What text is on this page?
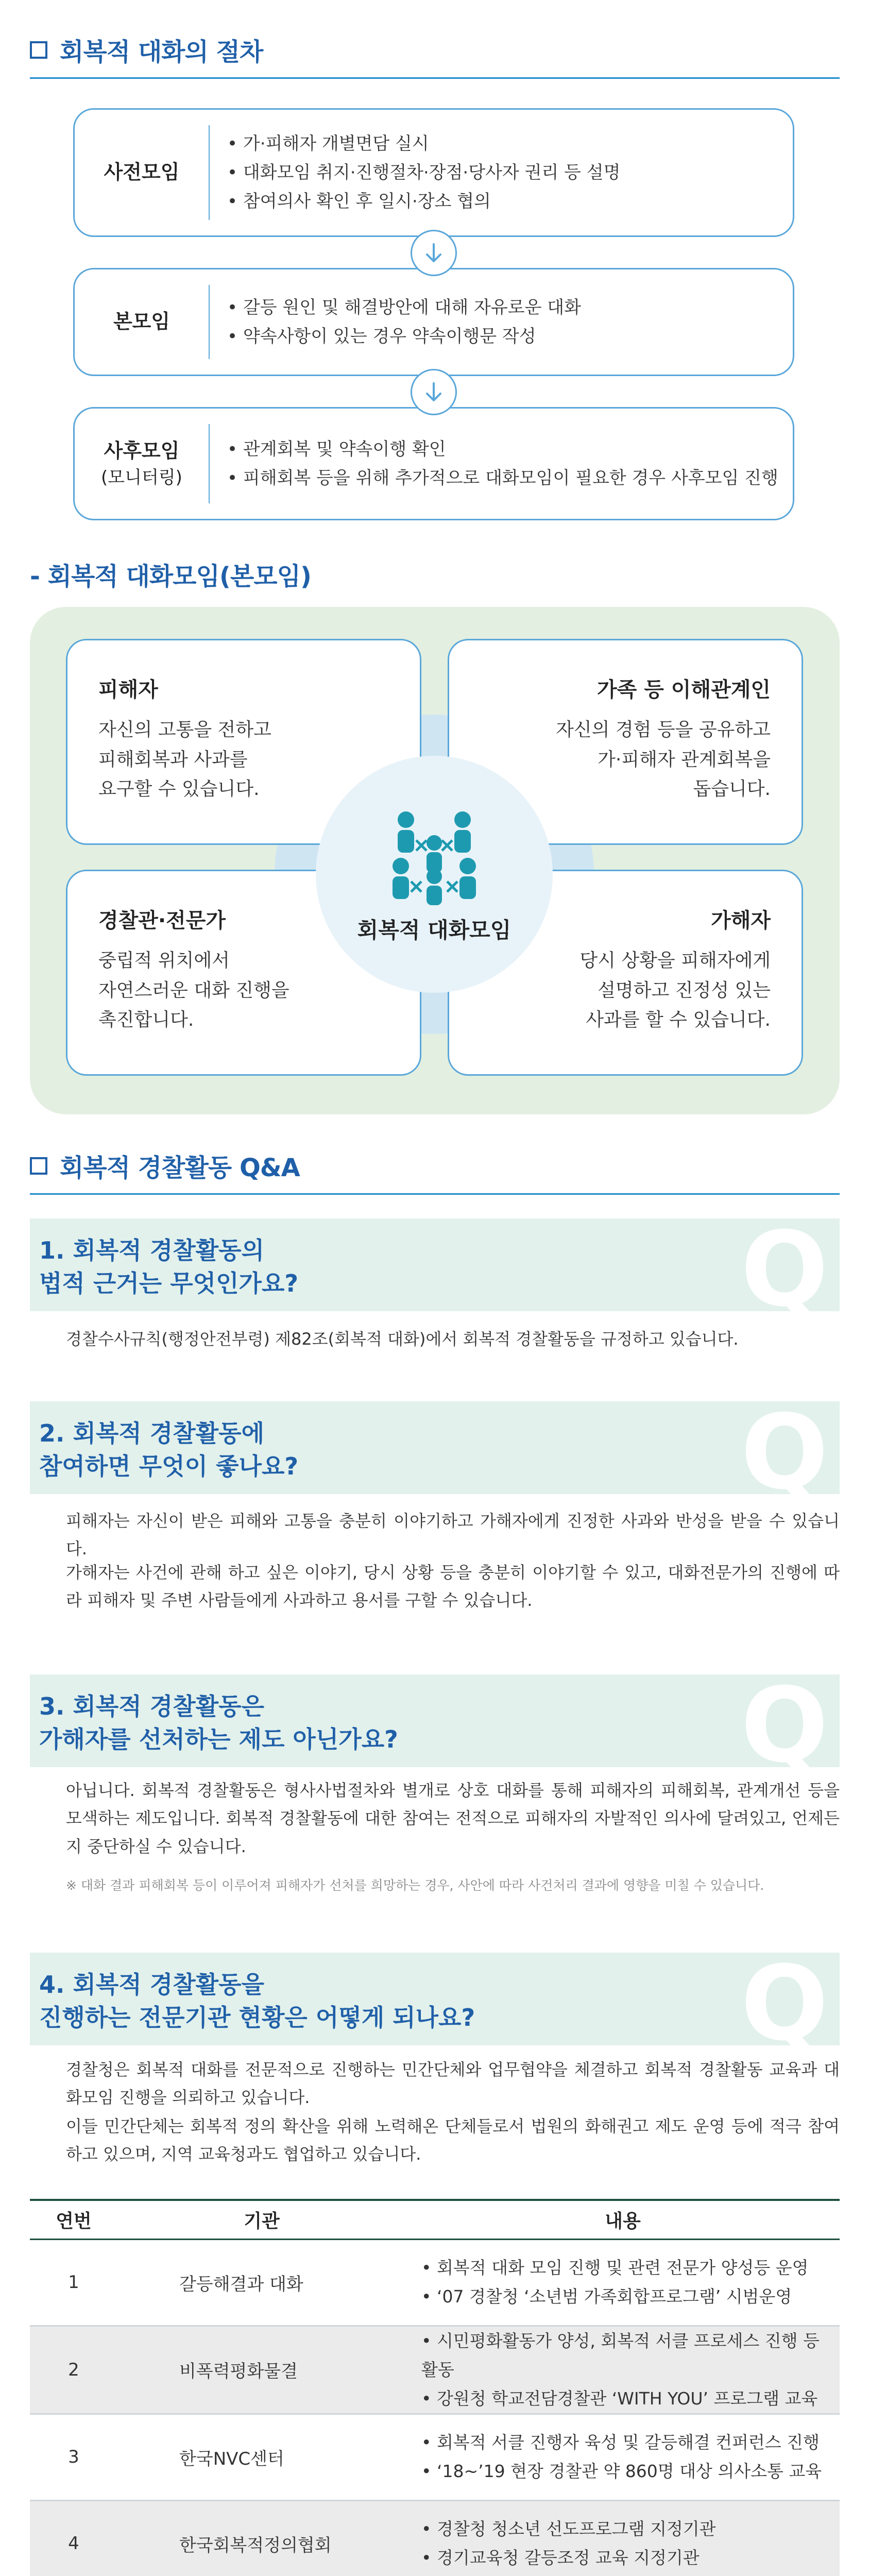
회복적 대화의 절차
사전모임
• 가·피해자 개별면담 실시
• 대화모임 취지·진행절차·장점·당사자 권리 등 설명
• 참여의사 확인 후 일시·장소 협의
본모임
• 갈등 원인 및 해결방안에 대해 자유로운 대화
• 약속사항이 있는 경우 약속이행문 작성
사후모임
(모니터링)
• 관계회복 및 약속이행 확인
• 피해회복 등을 위해 추가적으로 대화모임이 필요한 경우 사후모임 진행
- 회복적 대화모임(본모임)
피해자
자신의 고통을 전하고
피해회복과 사과를
요구할 수 있습니다.
가족 등 이해관계인
자신의 경험 등을 공유하고
가·피해자 관계회복을
돕습니다.
경찰관·전문가
중립적 위치에서
자연스러운 대화 진행을
촉진합니다.
가해자
당시 상황을 피해자에게
설명하고 진정성 있는
사과를 할 수 있습니다.
회복적 대화모임
회복적 경찰활동 Q&A
1. 회복적 경찰활동의
법적 근거는 무엇인가요?	Q
경찰수사규칙(행정안전부령) 제82조(회복적 대화)에서 회복적 경찰활동을 규정하고 있습니다.
2. 회복적 경찰활동에
참여하면 무엇이 좋나요?	Q
피해자는 자신이 받은 피해와 고통을 충분히 이야기하고 가해자에게 진정한 사과와 반성을 받을 수 있습니다.
가해자는 사건에 관해 하고 싶은 이야기, 당시 상황 등을 충분히 이야기할 수 있고, 대화전문가의 진행에 따라 피해자 및 주변 사람들에게 사과하고 용서를 구할 수 있습니다.
3. 회복적 경찰활동은
가해자를 선처하는 제도 아닌가요?	Q
아닙니다. 회복적 경찰활동은 형사사법절차와 별개로 상호 대화를 통해 피해자의 피해회복, 관계개선 등을 모색하는 제도입니다. 회복적 경찰활동에 대한 참여는 전적으로 피해자의 자발적인 의사에 달려있고, 언제든지 중단하실 수 있습니다.
※ 대화 결과 피해회복 등이 이루어져 피해자가 선처를 희망하는 경우, 사안에 따라 사건처리 결과에 영향을 미칠 수 있습니다.
4. 회복적 경찰활동을
진행하는 전문기관 현황은 어떻게 되나요?	Q
경찰청은 회복적 대화를 전문적으로 진행하는 민간단체와 업무협약을 체결하고 회복적 경찰활동 교육과 대화모임 진행을 의뢰하고 있습니다.
이들 민간단체는 회복적 정의 확산을 위해 노력해온 단체들로서 법원의 화해권고 제도 운영 등에 적극 참여하고 있으며, 지역 교육청과도 협업하고 있습니다.
연번	기관	내용
1	갈등해결과 대화	• 회복적 대화 모임 진행 및 관련 전문가 양성등 운영
• ‘07 경찰청 ‘소년범 가족회합프로그램’ 시범운영

2	비폭력평화물결	• 시민평화활동가 양성, 회복적 서클 프로세스 진행 등 활동
• 강원청 학교전담경찰관 ‘WITH YOU’ 프로그램 교육

3	한국NVC센터	• 회복적 서클 진행자 육성 및 갈등해결 컨퍼런스 진행
• ‘18~’19 현장 경찰관 약 860명 대상 의사소통 교육

4	한국회복적정의협회	• 경찰청 청소년 선도프로그램 지정기관
• 경기교육청 갈등조정 교육 지정기관
